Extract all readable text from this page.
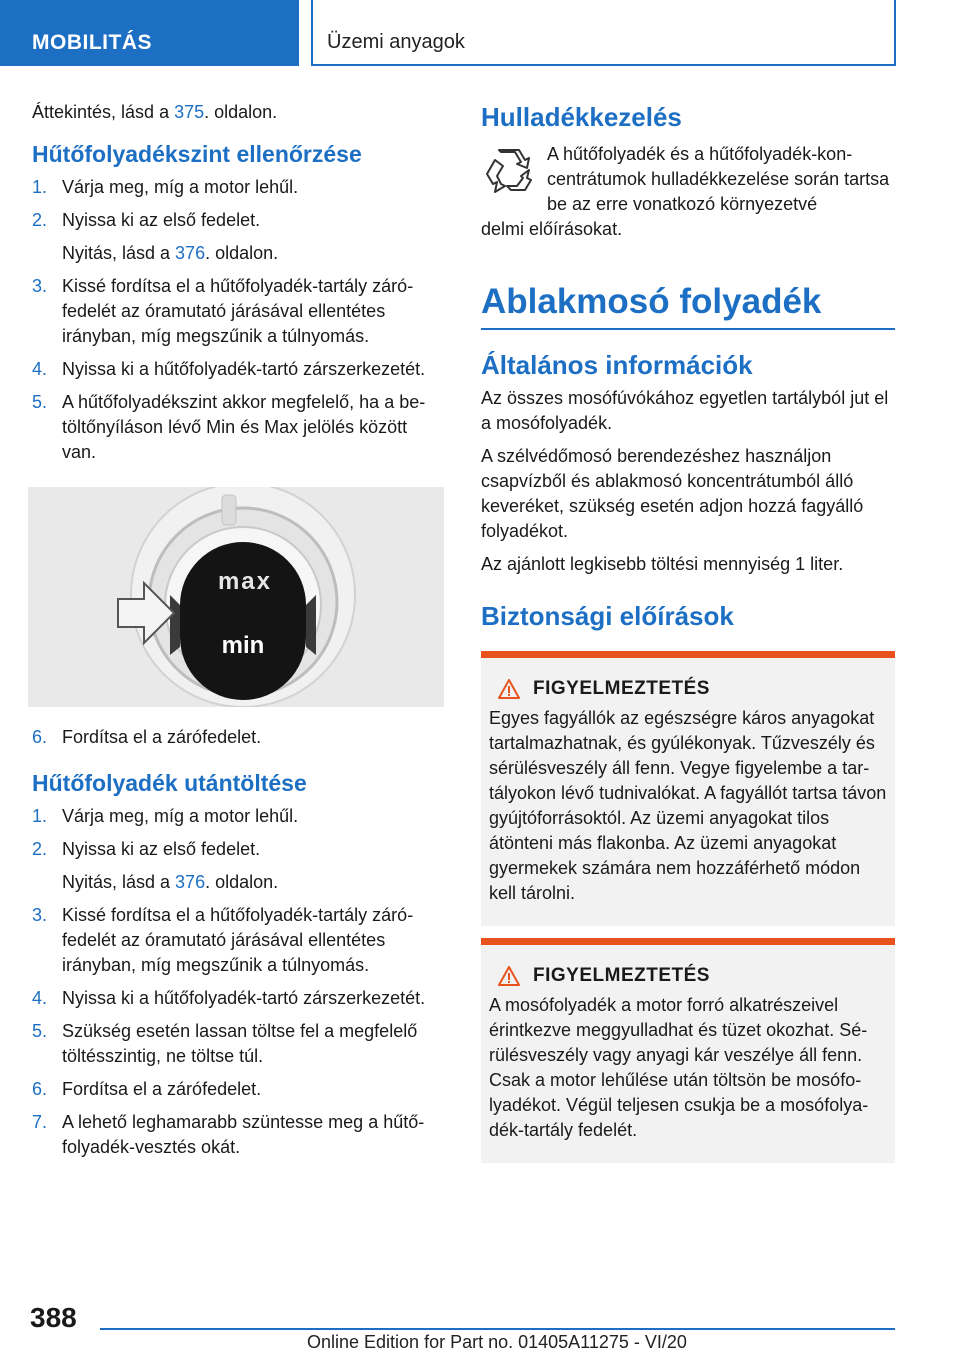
MOBILITÁS	Üzemi anyagok

Áttekintés, lásd a 375. oldalon.

Hűtőfolyadékszint ellenőrzése
1. Várja meg, míg a motor lehűl.
2. Nyissa ki az első fedelet.
Nyitás, lásd a 376. oldalon.
3. Kissé fordítsa el a hűtőfolyadék-tartály zárófedelét az óramutató járásával ellentétes irányban, míg megszűnik a túlnyomás.
4. Nyissa ki a hűtőfolyadék-tartó zárszerkezetét.
5. A hűtőfolyadékszint akkor megfelelő, ha a betöltőnyíláson lévő Min és Max jelölés között van.
max
min
6. Fordítsa el a zárófedelet.
Hűtőfolyadék utántöltése
1. Várja meg, míg a motor lehűl.
2. Nyissa ki az első fedelet.
Nyitás, lásd a 376. oldalon.
3. Kissé fordítsa el a hűtőfolyadék-tartály zárófedelét az óramutató járásával ellentétes irányban, míg megszűnik a túlnyomás.
4. Nyissa ki a hűtőfolyadék-tartó zárszerkezetét.
5. Szükség esetén lassan töltse fel a megfelelő töltésszintig, ne töltse túl.
6. Fordítsa el a zárófedelet.
7. A lehető leghamarabb szüntesse meg a hűtőfolyadék-vesztés okát.
Hulladékkezelés

A hűtőfolyadék és a hűtőfolyadék-koncentrátumok hulladékkezelése során tartsa be az erre vonatkozó környezetvé

delmi előírásokat.

Ablakmosó folyadék
Általános információk

Az összes mosófúvókához egyetlen tartályból jut el a mosófolyadék.

A szélvédőmosó berendezéshez használjon csapvízből és ablakmosó koncentrátumból álló keveréket, szükség esetén adjon hozzá fagyálló folyadékot.

Az ajánlott legkisebb töltési mennyiség 1 liter.

Biztonsági előírások
FIGYELMEZTETÉS

Egyes fagyállók az egészségre káros anyagokat tartalmazhatnak, és gyúlékonyak. Tűzveszély és sérülésveszély áll fenn. Vegye figyelembe a tartályokon lévő tudnivalókat. A fagyállót tartsa távon gyújtóforrásoktól. Az üzemi anyagokat tilos átönteni más flakonba. Az üzemi anyagokat gyermekek számára nem hozzáférhető módon kell tárolni.

FIGYELMEZTETÉS

A mosófolyadék a motor forró alkatrészeivel érintkezve meggyulladhat és tüzet okozhat. Sérülésveszély vagy anyagi kár veszélye áll fenn. Csak a motor lehűlése után töltsön be mosófolyadékot. Végül teljesen csukja be a mosófolyadék-tartály fedelét.

388
Online Edition for Part no. 01405A11275 - VI/20
